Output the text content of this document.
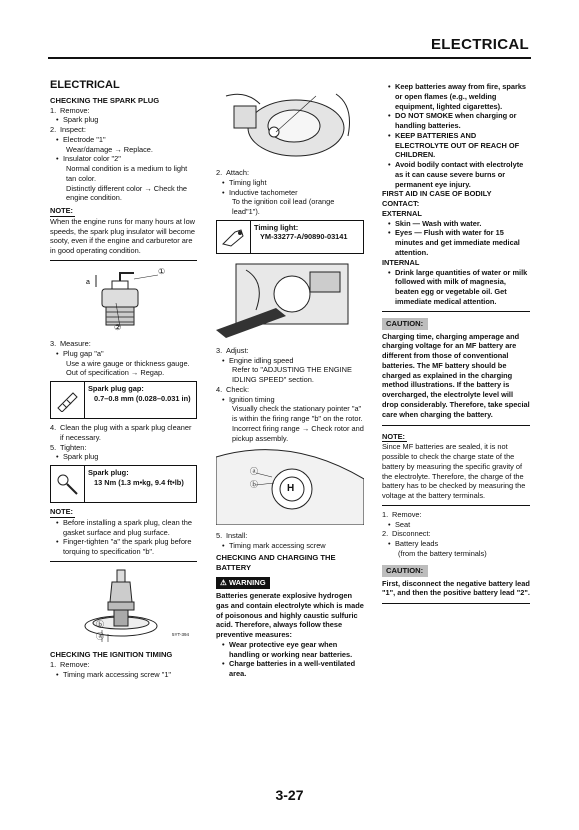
ELECTRICAL
ELECTRICAL
CHECKING THE SPARK PLUG
1. Remove:
• Spark plug
2. Inspect:
• Electrode "1"
Wear/damage → Replace.
• Insulator color "2"
Normal condition is a medium to light tan color.
Distinctly different color → Check the engine condition.
NOTE:
When the engine runs for many hours at low speeds, the spark plug insulator will become sooty, even if the engine and carburetor are in good operating condition.
a
①
②
3. Measure:
• Plug gap "a"
Use a wire gauge or thickness gauge.
Out of specification → Regap.
Spark plug gap:
0.7–0.8 mm (0.028–0.031 in)
4. Clean the plug with a spark plug cleaner if necessary.
5. Tighten:
• Spark plug
Spark plug:
13 Nm (1.3 m•kg, 9.4 ft•lb)
NOTE:
• Before installing a spark plug, clean the gasket surface and plug surface.
• Finger-tighten "a" the spark plug before torquing to specification "b".
ⓐ
ⓑ
5YT-394
CHECKING THE IGNITION TIMING
1. Remove:
• Timing mark accessing screw "1"
2. Attach:
• Timing light
• Inductive tachometer
To the ignition coil lead (orange lead"1").
Timing light:
YM-33277-A/90890-03141
3. Adjust:
• Engine idling speed
Refer to "ADJUSTING THE ENGINE IDLING SPEED" section.
4. Check:
• Ignition timing
Visually check the stationary pointer "a" is within the firing range "b" on the rotor.
Incorrect firing range → Check rotor and pickup assembly.
ⓐ
ⓑ	H
5. Install:
• Timing mark accessing screw
CHECKING AND CHARGING THE BATTERY
⚠ WARNING
Batteries generate explosive hydrogen gas and contain electrolyte which is made of poisonous and highly caustic sulfuric acid. Therefore, always follow these preventive measures:
• Wear protective eye gear when handling or working near batteries.
• Charge batteries in a well-ventilated area.
• Keep batteries away from fire, sparks or open flames (e.g., welding equipment, lighted cigarettes).
• DO NOT SMOKE when charging or handling batteries.
• KEEP BATTERIES AND ELECTROLYTE OUT OF REACH OF CHILDREN.
• Avoid bodily contact with electrolyte as it can cause severe burns or permanent eye injury.
FIRST AID IN CASE OF BODILY CONTACT:
EXTERNAL
• Skin — Wash with water.
• Eyes — Flush with water for 15 minutes and get immediate medical attention.
INTERNAL
• Drink large quantities of water or milk followed with milk of magnesia, beaten egg or vegetable oil. Get immediate medical attention.
CAUTION:
Charging time, charging amperage and charging voltage for an MF battery are different from those of conventional batteries. The MF battery should be charged as explained in the charging method illustrations. If the battery is overcharged, the electrolyte level will drop considerably. Therefore, take special care when charging the battery.
NOTE:
Since MF batteries are sealed, it is not possible to check the charge state of the battery by measuring the specific gravity of the electrolyte. Therefore, the charge of the battery has to be checked by measuring the voltage at the battery terminals.
1. Remove:
• Seat
2. Disconnect:
• Battery leads
(from the battery terminals)
CAUTION:
First, disconnect the negative battery lead "1", and then the positive battery lead "2".
3-27
